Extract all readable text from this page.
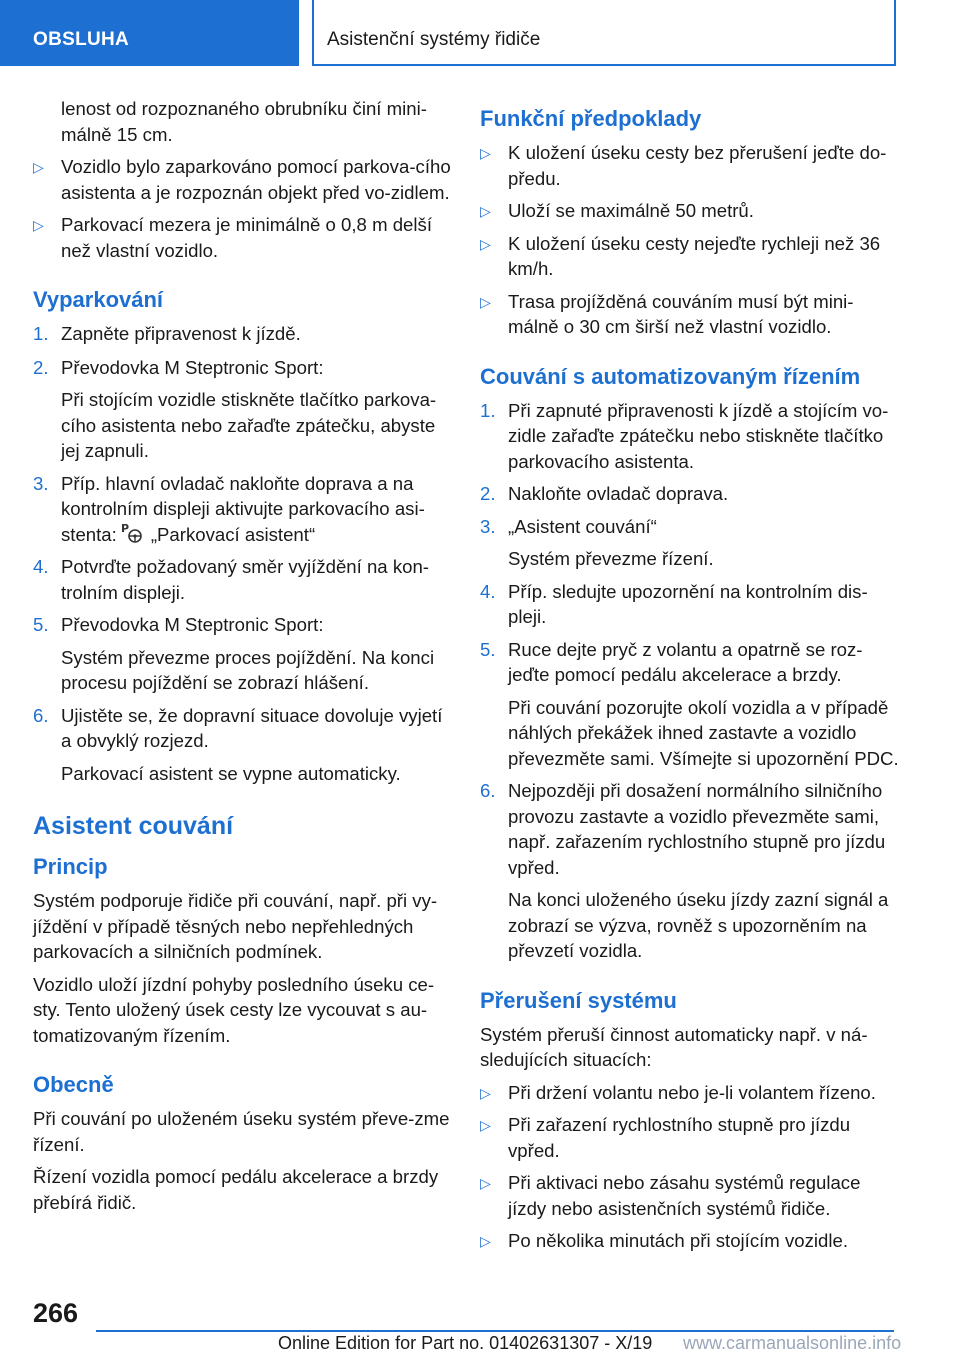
OBSLUHA	Asistenční systémy řidiče
lenost od rozpoznaného obrubníku činí mini-málně 15 cm.
▷ Vozidlo bylo zaparkováno pomocí parkova-cího asistenta a je rozpoznán objekt před vo-zidlem.
▷ Parkovací mezera je minimálně o 0,8 m delší než vlastní vozidlo.
Vyparkování
1. Zapněte připravenost k jízdě.
2. Převodovka M Steptronic Sport:
Při stojícím vozidle stiskněte tlačítko parkova-cího asistenta nebo zařaďte zpátečku, abyste jej zapnuli.
3. Příp. hlavní ovladač nakloňte doprava a na kontrolním displeji aktivujte parkovacího asi-stenta: P „Parkovací asistent“
4. Potvrďte požadovaný směr vyjíždění na kon-trolním displeji.
5. Převodovka M Steptronic Sport:
Systém převezme proces pojíždění. Na konci procesu pojíždění se zobrazí hlášení.
6. Ujistěte se, že dopravní situace dovoluje vyjetí a obvyklý rozjezd.
Parkovací asistent se vypne automaticky.
Asistent couvání
Princip
Systém podporuje řidiče při couvání, např. při vy-jíždění v případě těsných nebo nepřehledných parkovacích a silničních podmínek.
Vozidlo uloží jízdní pohyby posledního úseku ce-sty. Tento uložený úsek cesty lze vycouvat s au-tomatizovaným řízením.
Obecně
Při couvání po uloženém úseku systém převe-zme řízení.
Řízení vozidla pomocí pedálu akcelerace a brzdy přebírá řidič.
Funkční předpoklady
▷ K uložení úseku cesty bez přerušení jeďte do-předu.
▷ Uloží se maximálně 50 metrů.
▷ K uložení úseku cesty nejeďte rychleji než 36 km/h.
▷ Trasa projížděná couváním musí být mini-málně o 30 cm širší než vlastní vozidlo.
Couvání s automatizovaným řízením
1. Při zapnuté připravenosti k jízdě a stojícím vo-zidle zařaďte zpátečku nebo stiskněte tlačítko parkovacího asistenta.
2. Nakloňte ovladač doprava.
3. „Asistent couvání“
Systém převezme řízení.
4. Příp. sledujte upozornění na kontrolním dis-pleji.
5. Ruce dejte pryč z volantu a opatrně se roz-jeďte pomocí pedálu akcelerace a brzdy.
Při couvání pozorujte okolí vozidla a v případě náhlých překážek ihned zastavte a vozidlo převezměte sami. Všímejte si upozornění PDC.
6. Nejpozději při dosažení normálního silničního provozu zastavte a vozidlo převezměte sami, např. zařazením rychlostního stupně pro jízdu vpřed.
Na konci uloženého úseku jízdy zazní signál a zobrazí se výzva, rovněž s upozorněním na převzetí vozidla.
Přerušení systému
Systém přeruší činnost automaticky např. v ná-sledujících situacích:
▷ Při držení volantu nebo je-li volantem řízeno.
▷ Při zařazení rychlostního stupně pro jízdu vpřed.
▷ Při aktivaci nebo zásahu systémů regulace jízdy nebo asistenčních systémů řidiče.
▷ Po několika minutách při stojícím vozidle.
266
Online Edition for Part no. 01402631307 - X/19 www.carmanualsonline.info
